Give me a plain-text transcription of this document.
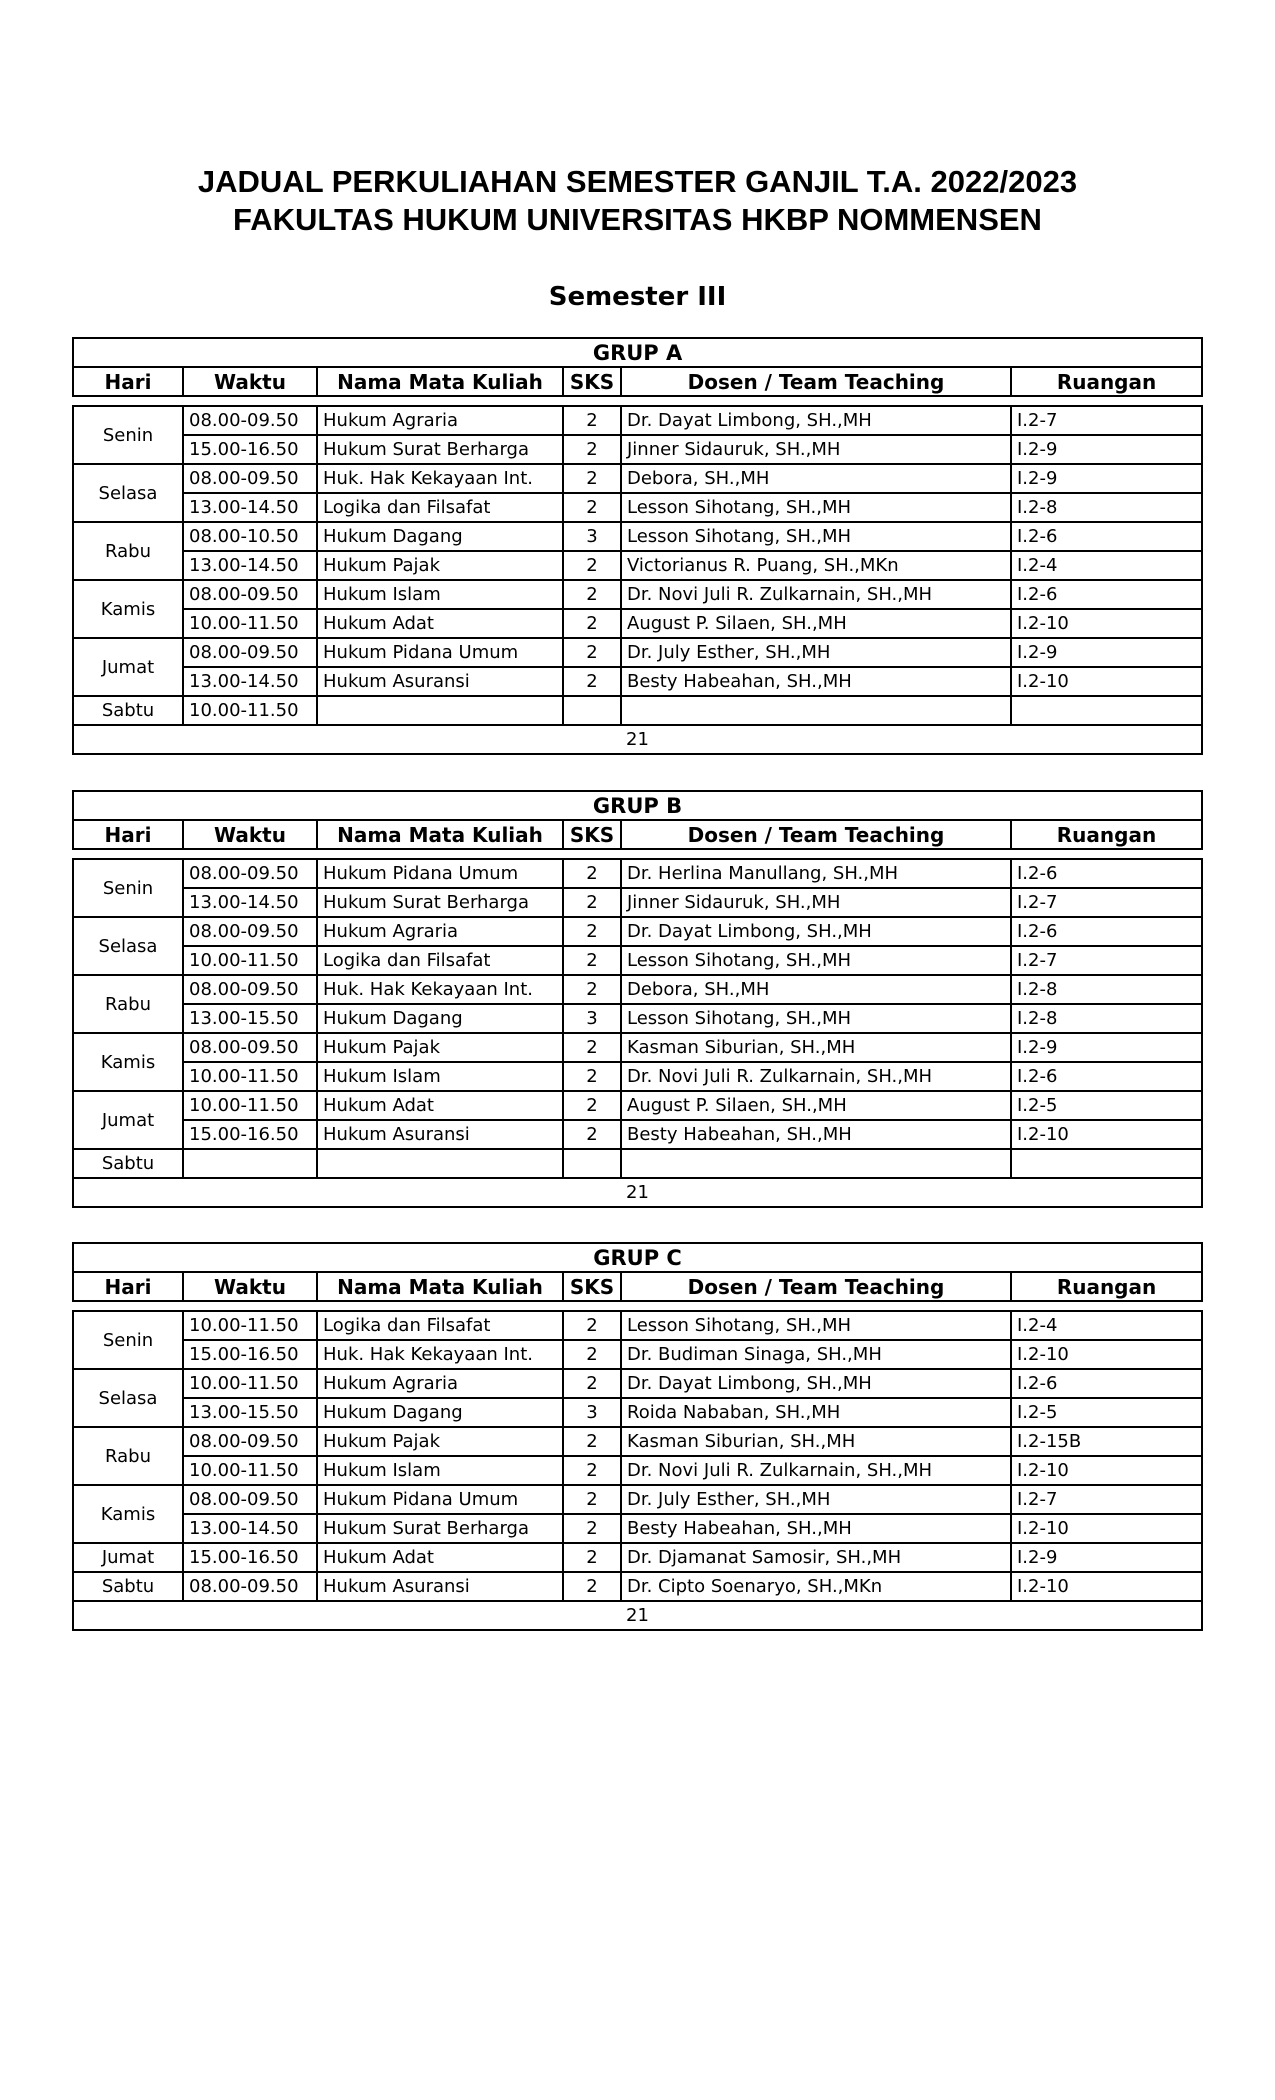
JADUAL PERKULIAHAN SEMESTER GANJIL T.A. 2022/2023
FAKULTAS HUKUM UNIVERSITAS HKBP NOMMENSEN
Semester III
GRUP A
Hari	Waktu	Nama Mata Kuliah	SKS	Dosen / Team Teaching	Ruangan
Senin	08.00-09.50	Hukum Agraria	2	Dr. Dayat Limbong, SH.,MH	I.2-7
	15.00-16.50	Hukum Surat Berharga	2	Jinner Sidauruk, SH.,MH	I.2-9
Selasa	08.00-09.50	Huk. Hak Kekayaan Int.	2	Debora, SH.,MH	I.2-9
	13.00-14.50	Logika dan Filsafat	2	Lesson Sihotang, SH.,MH	I.2-8
Rabu	08.00-10.50	Hukum Dagang	3	Lesson Sihotang, SH.,MH	I.2-6
	13.00-14.50	Hukum Pajak	2	Victorianus R. Puang, SH.,MKn	I.2-4
Kamis	08.00-09.50	Hukum Islam	2	Dr. Novi Juli R. Zulkarnain, SH.,MH	I.2-6
	10.00-11.50	Hukum Adat	2	August P. Silaen, SH.,MH	I.2-10
Jumat	08.00-09.50	Hukum Pidana Umum	2	Dr. July Esther, SH.,MH	I.2-9
	13.00-14.50	Hukum Asuransi	2	Besty Habeahan, SH.,MH	I.2-10
Sabtu	10.00-11.50				
21					
GRUP B
Hari	Waktu	Nama Mata Kuliah	SKS	Dosen / Team Teaching	Ruangan
Senin	08.00-09.50	Hukum Pidana Umum	2	Dr. Herlina Manullang, SH.,MH	I.2-6
	13.00-14.50	Hukum Surat Berharga	2	Jinner Sidauruk, SH.,MH	I.2-7
Selasa	08.00-09.50	Hukum Agraria	2	Dr. Dayat Limbong, SH.,MH	I.2-6
	10.00-11.50	Logika dan Filsafat	2	Lesson Sihotang, SH.,MH	I.2-7
Rabu	08.00-09.50	Huk. Hak Kekayaan Int.	2	Debora, SH.,MH	I.2-8
	13.00-15.50	Hukum Dagang	3	Lesson Sihotang, SH.,MH	I.2-8
Kamis	08.00-09.50	Hukum Pajak	2	Kasman Siburian, SH.,MH	I.2-9
	10.00-11.50	Hukum Islam	2	Dr. Novi Juli R. Zulkarnain, SH.,MH	I.2-6
Jumat	10.00-11.50	Hukum Adat	2	August P. Silaen, SH.,MH	I.2-5
	15.00-16.50	Hukum Asuransi	2	Besty Habeahan, SH.,MH	I.2-10
Sabtu					
21					
GRUP C
Hari	Waktu	Nama Mata Kuliah	SKS	Dosen / Team Teaching	Ruangan
Senin	10.00-11.50	Logika dan Filsafat	2	Lesson Sihotang, SH.,MH	I.2-4
	15.00-16.50	Huk. Hak Kekayaan Int.	2	Dr. Budiman Sinaga, SH.,MH	I.2-10
Selasa	10.00-11.50	Hukum Agraria	2	Dr. Dayat Limbong, SH.,MH	I.2-6
	13.00-15.50	Hukum Dagang	3	Roida Nababan, SH.,MH	I.2-5
Rabu	08.00-09.50	Hukum Pajak	2	Kasman Siburian, SH.,MH	I.2-15B
	10.00-11.50	Hukum Islam	2	Dr. Novi Juli R. Zulkarnain, SH.,MH	I.2-10
Kamis	08.00-09.50	Hukum Pidana Umum	2	Dr. July Esther, SH.,MH	I.2-7
	13.00-14.50	Hukum Surat Berharga	2	Besty Habeahan, SH.,MH	I.2-10
Jumat	15.00-16.50	Hukum Adat	2	Dr. Djamanat Samosir, SH.,MH	I.2-9
Sabtu	08.00-09.50	Hukum Asuransi	2	Dr. Cipto Soenaryo, SH.,MKn	I.2-10
21					
